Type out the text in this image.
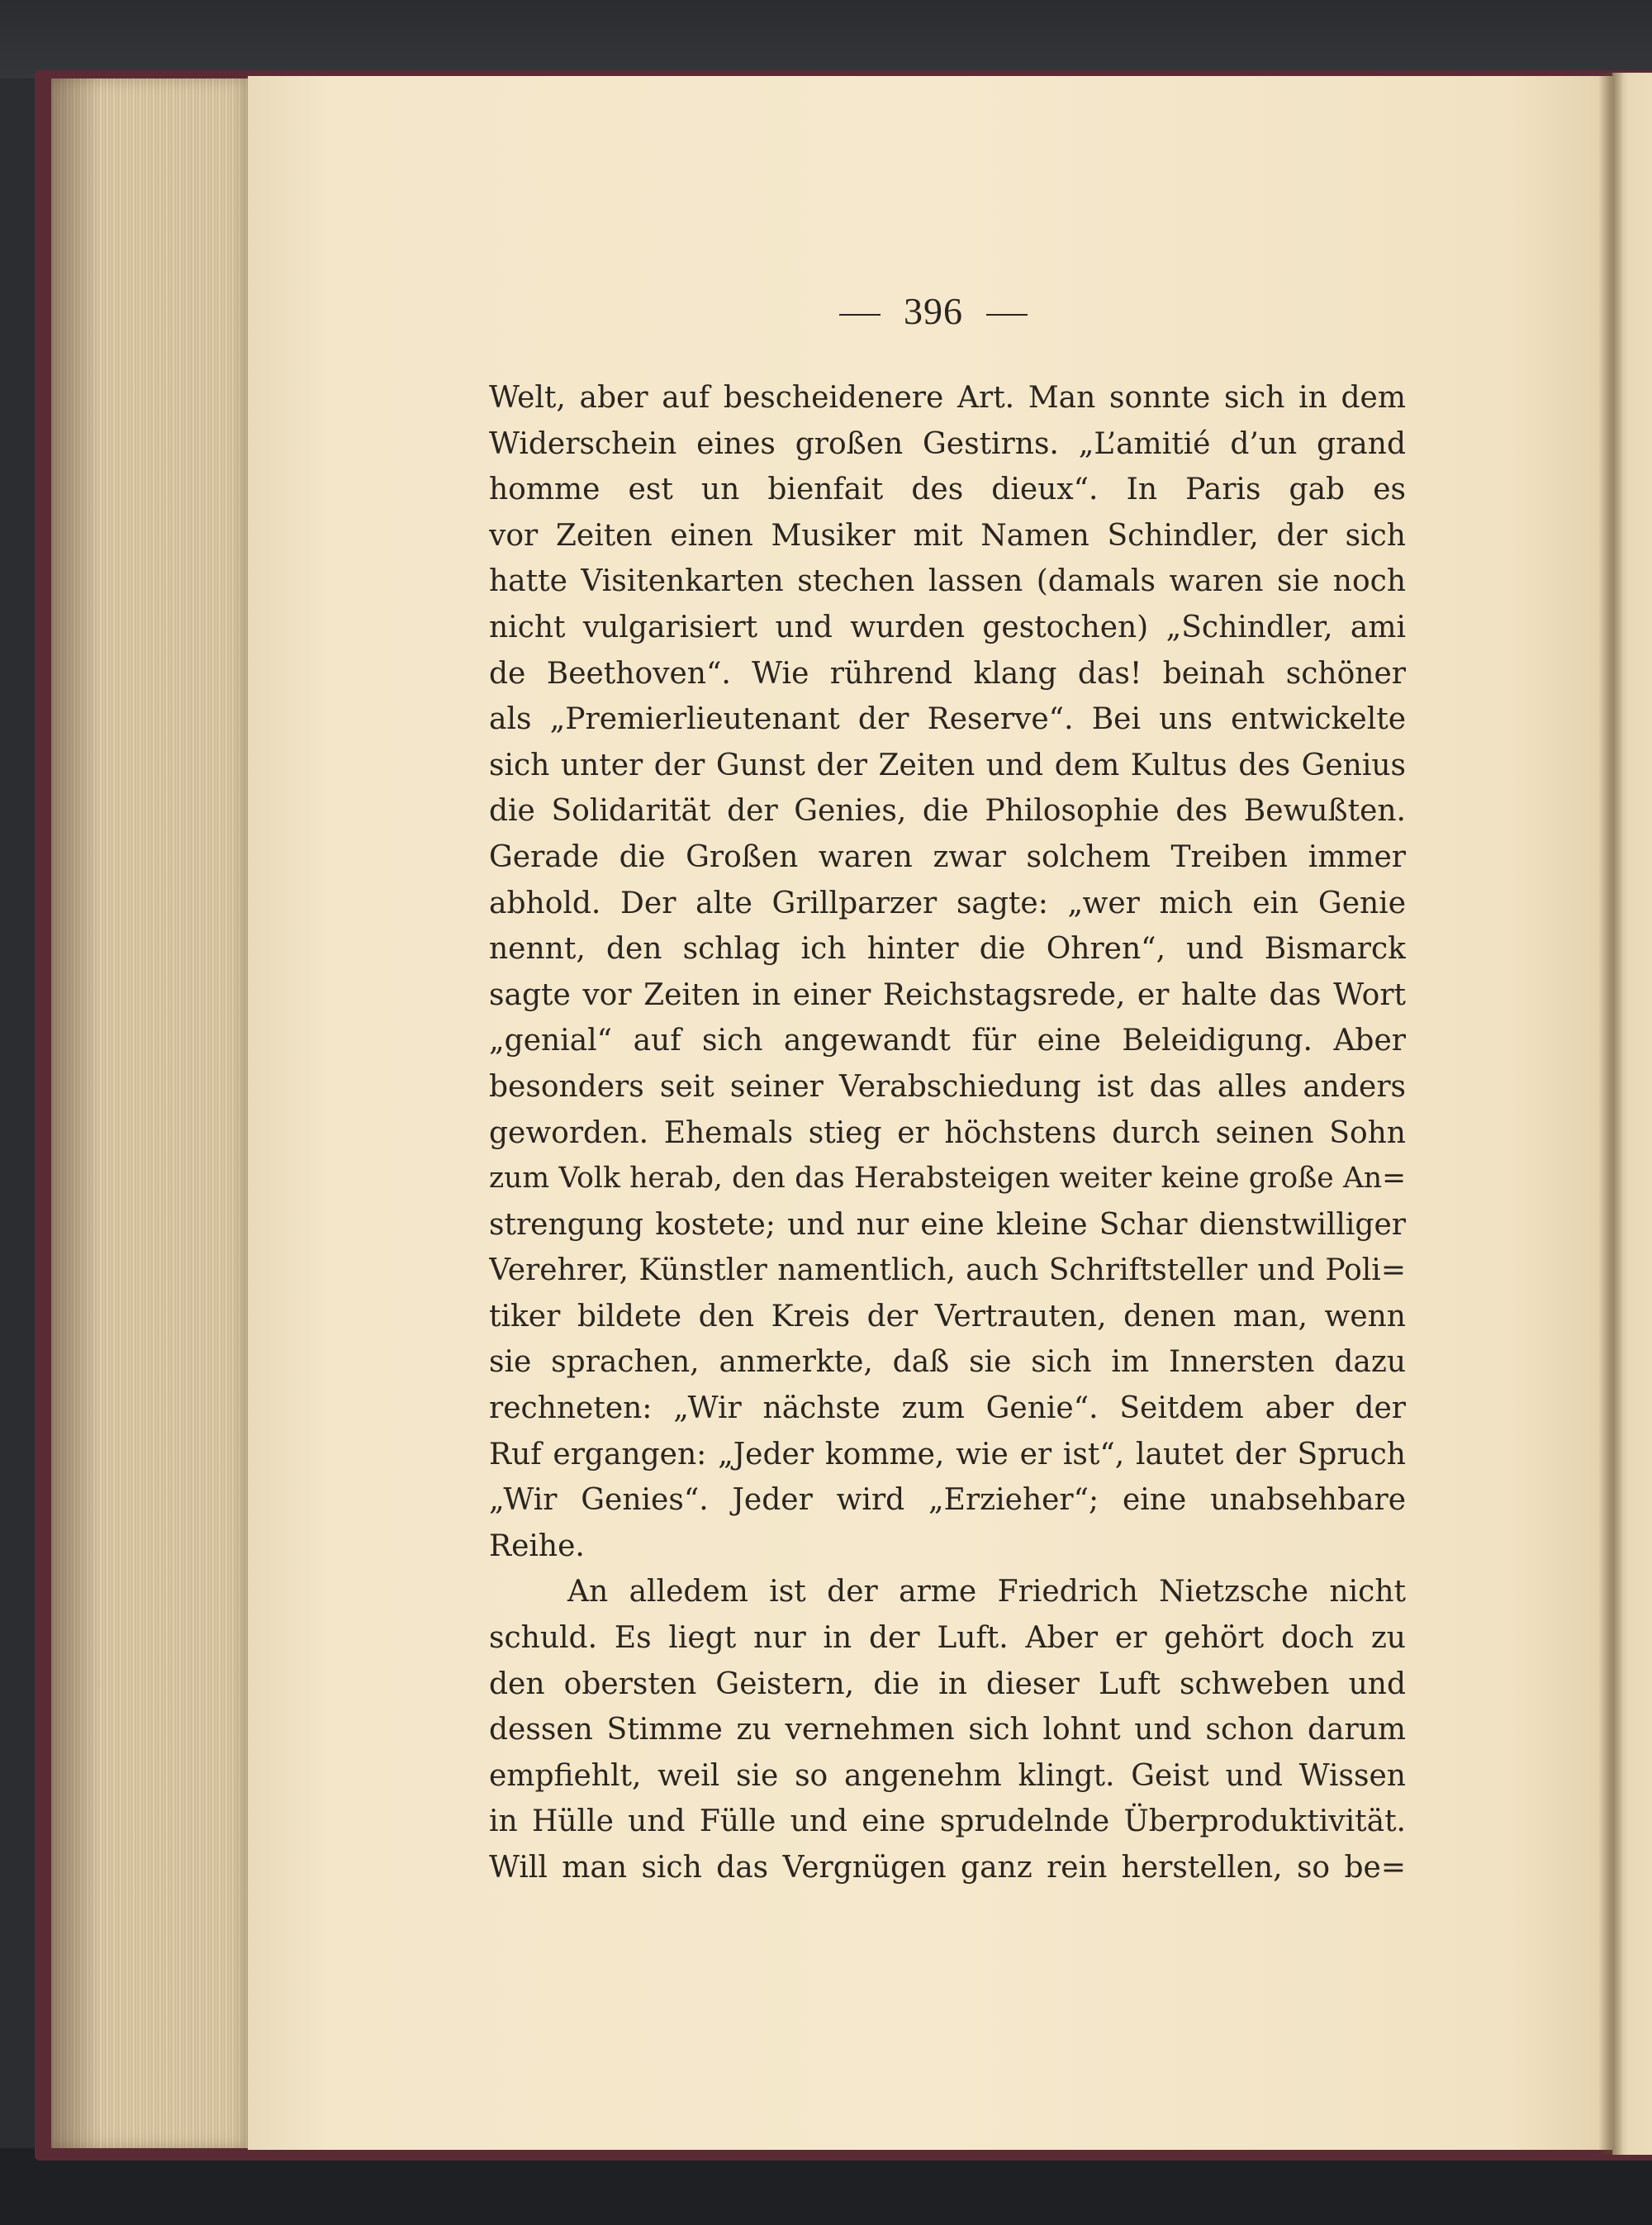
396
Welt, aber auf bescheidenere Art. Man sonnte sich in dem
Widerschein eines großen Gestirns. „L’amitié d’un grand
homme est un bienfait des dieux“. In Paris gab es
vor Zeiten einen Musiker mit Namen Schindler, der sich
hatte Visitenkarten stechen lassen (damals waren sie noch
nicht vulgarisiert und wurden gestochen) „Schindler, ami
de Beethoven“. Wie rührend klang das! beinah schöner
als „Premierlieutenant der Reserve“. Bei uns entwickelte
sich unter der Gunst der Zeiten und dem Kultus des Genius
die Solidarität der Genies, die Philosophie des Bewußten.
Gerade die Großen waren zwar solchem Treiben immer
abhold. Der alte Grillparzer sagte: „wer mich ein Genie
nennt, den schlag ich hinter die Ohren“, und Bismarck
sagte vor Zeiten in einer Reichstagsrede, er halte das Wort
„genial“ auf sich angewandt für eine Beleidigung. Aber
besonders seit seiner Verabschiedung ist das alles anders
geworden. Ehemals stieg er höchstens durch seinen Sohn
zum Volk herab, den das Herabsteigen weiter keine große An=
strengung kostete; und nur eine kleine Schar dienstwilliger
Verehrer, Künstler namentlich, auch Schriftsteller und Poli=
tiker bildete den Kreis der Vertrauten, denen man, wenn
sie sprachen, anmerkte, daß sie sich im Innersten dazu
rechneten: „Wir nächste zum Genie“. Seitdem aber der
Ruf ergangen: „Jeder komme, wie er ist“, lautet der Spruch
„Wir Genies“. Jeder wird „Erzieher“; eine unabsehbare
Reihe.
An alledem ist der arme Friedrich Nietzsche nicht
schuld. Es liegt nur in der Luft. Aber er gehört doch zu
den obersten Geistern, die in dieser Luft schweben und
dessen Stimme zu vernehmen sich lohnt und schon darum
empfiehlt, weil sie so angenehm klingt. Geist und Wissen
in Hülle und Fülle und eine sprudelnde Überproduktivität.
Will man sich das Vergnügen ganz rein herstellen, so be=
